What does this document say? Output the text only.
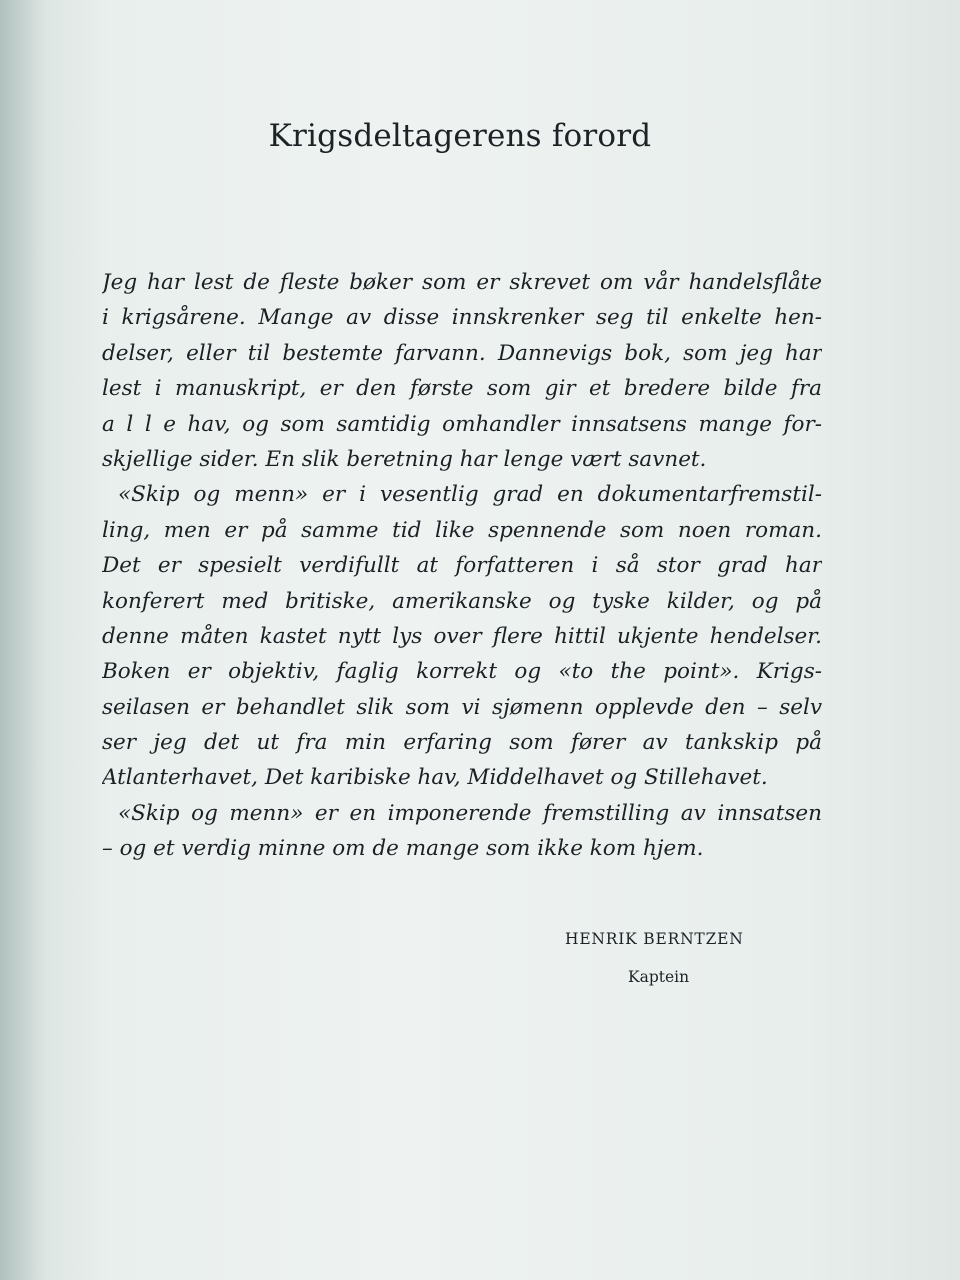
Krigsdeltagerens forord
Jeg har lest de fleste bøker som er skrevet om vår handelsflåte
i krigsårene. Mange av disse innskrenker seg til enkelte hen-
delser, eller til bestemte farvann. Dannevigs bok, som jeg har
lest i manuskript, er den første som gir et bredere bilde fra
a l l e hav, og som samtidig omhandler innsatsens mange for-
skjellige sider. En slik beretning har lenge vært savnet.
«Skip og menn» er i vesentlig grad en dokumentarfremstil-
ling, men er på samme tid like spennende som noen roman.
Det er spesielt verdifullt at forfatteren i så stor grad har
konferert med britiske, amerikanske og tyske kilder, og på
denne måten kastet nytt lys over flere hittil ukjente hendelser.
Boken er objektiv, faglig korrekt og «to the point». Krigs-
seilasen er behandlet slik som vi sjømenn opplevde den – selv
ser jeg det ut fra min erfaring som fører av tankskip på
Atlanterhavet, Det karibiske hav, Middelhavet og Stillehavet.
«Skip og menn» er en imponerende fremstilling av innsatsen
– og et verdig minne om de mange som ikke kom hjem.
HENRIK BERNTZEN
Kaptein
